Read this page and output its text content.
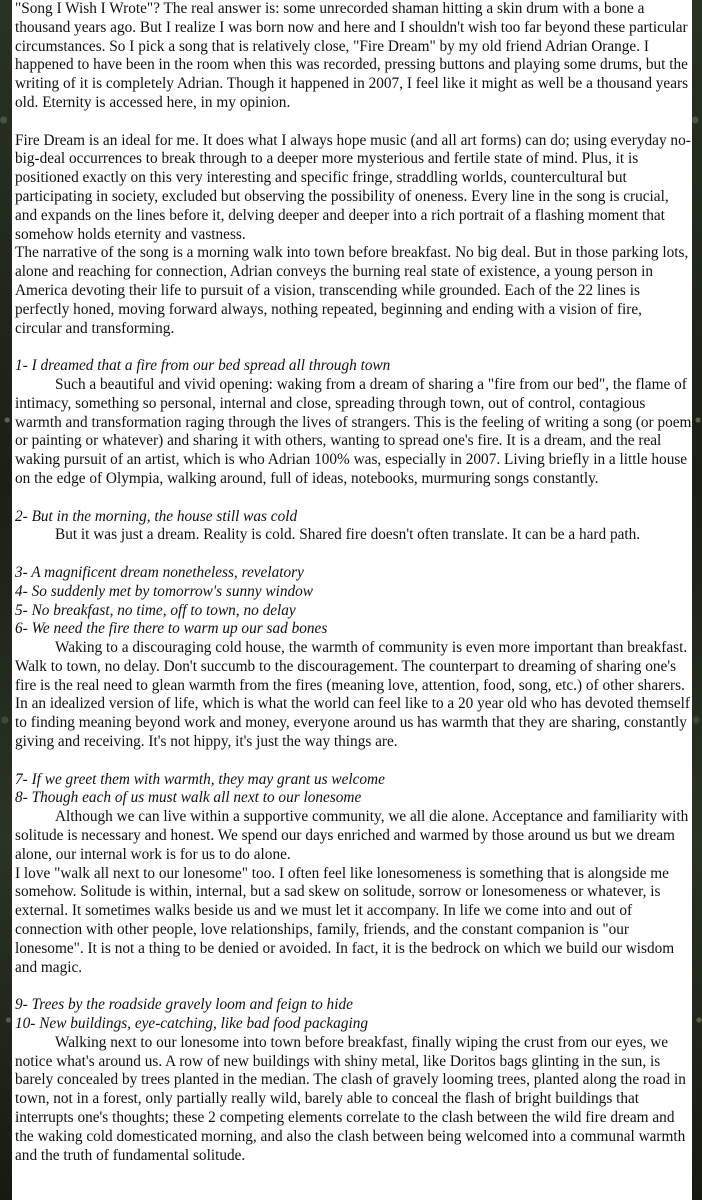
"Song I Wish I Wrote"? The real answer is: some unrecorded shaman hitting a skin drum with a bone a thousand years ago. But I realize I was born now and here and I shouldn't wish too far beyond these particular circumstances. So I pick a song that is relatively close, "Fire Dream" by my old friend Adrian Orange. I happened to have been in the room when this was recorded, pressing buttons and playing some drums, but the writing of it is completely Adrian. Though it happened in 2007, I feel like it might as well be a thousand years old. Eternity is accessed here, in my opinion.

Fire Dream is an ideal for me. It does what I always hope music (and all art forms) can do; using everyday no-big-deal occurrences to break through to a deeper more mysterious and fertile state of mind. Plus, it is positioned exactly on this very interesting and specific fringe, straddling worlds, countercultural but participating in society, excluded but observing the possibility of oneness. Every line in the song is crucial, and expands on the lines before it, delving deeper and deeper into a rich portrait of a flashing moment that somehow holds eternity and vastness.

The narrative of the song is a morning walk into town before breakfast. No big deal. But in those parking lots, alone and reaching for connection, Adrian conveys the burning real state of existence, a young person in America devoting their life to pursuit of a vision, transcending while grounded. Each of the 22 lines is perfectly honed, moving forward always, nothing repeated, beginning and ending with a vision of fire, circular and transforming.

1- I dreamed that a fire from our bed spread all through town

Such a beautiful and vivid opening: waking from a dream of sharing a "fire from our bed", the flame of intimacy, something so personal, internal and close, spreading through town, out of control, contagious warmth and transformation raging through the lives of strangers. This is the feeling of writing a song (or poem or painting or whatever) and sharing it with others, wanting to spread one's fire. It is a dream, and the real waking pursuit of an artist, which is who Adrian 100% was, especially in 2007. Living briefly in a little house on the edge of Olympia, walking around, full of ideas, notebooks, murmuring songs constantly.

2- But in the morning, the house still was cold

But it was just a dream. Reality is cold. Shared fire doesn't often translate. It can be a hard path.

3- A magnificent dream nonetheless, revelatory

4- So suddenly met by tomorrow's sunny window

5- No breakfast, no time, off to town, no delay

6- We need the fire there to warm up our sad bones

Waking to a discouraging cold house, the warmth of community is even more important than breakfast. Walk to town, no delay. Don't succumb to the discouragement. The counterpart to dreaming of sharing one's fire is the real need to glean warmth from the fires (meaning love, attention, food, song, etc.) of other sharers. In an idealized version of life, which is what the world can feel like to a 20 year old who has devoted themself to finding meaning beyond work and money, everyone around us has warmth that they are sharing, constantly giving and receiving. It's not hippy, it's just the way things are.

7- If we greet them with warmth, they may grant us welcome

8- Though each of us must walk all next to our lonesome

Although we can live within a supportive community, we all die alone. Acceptance and familiarity with solitude is necessary and honest. We spend our days enriched and warmed by those around us but we dream alone, our internal work is for us to do alone.

I love "walk all next to our lonesome" too. I often feel like lonesomeness is something that is alongside me somehow. Solitude is within, internal, but a sad skew on solitude, sorrow or lonesomeness or whatever, is external. It sometimes walks beside us and we must let it accompany. In life we come into and out of connection with other people, love relationships, family, friends, and the constant companion is "our lonesome". It is not a thing to be denied or avoided. In fact, it is the bedrock on which we build our wisdom and magic.

9- Trees by the roadside gravely loom and feign to hide

10- New buildings, eye-catching, like bad food packaging

Walking next to our lonesome into town before breakfast, finally wiping the crust from our eyes, we notice what's around us. A row of new buildings with shiny metal, like Doritos bags glinting in the sun, is barely concealed by trees planted in the median. The clash of gravely looming trees, planted along the road in town, not in a forest, only partially really wild, barely able to conceal the flash of bright buildings that interrupts one's thoughts; these 2 competing elements correlate to the clash between the wild fire dream and the waking cold domesticated morning, and also the clash between being welcomed into a communal warmth and the truth of fundamental solitude.
